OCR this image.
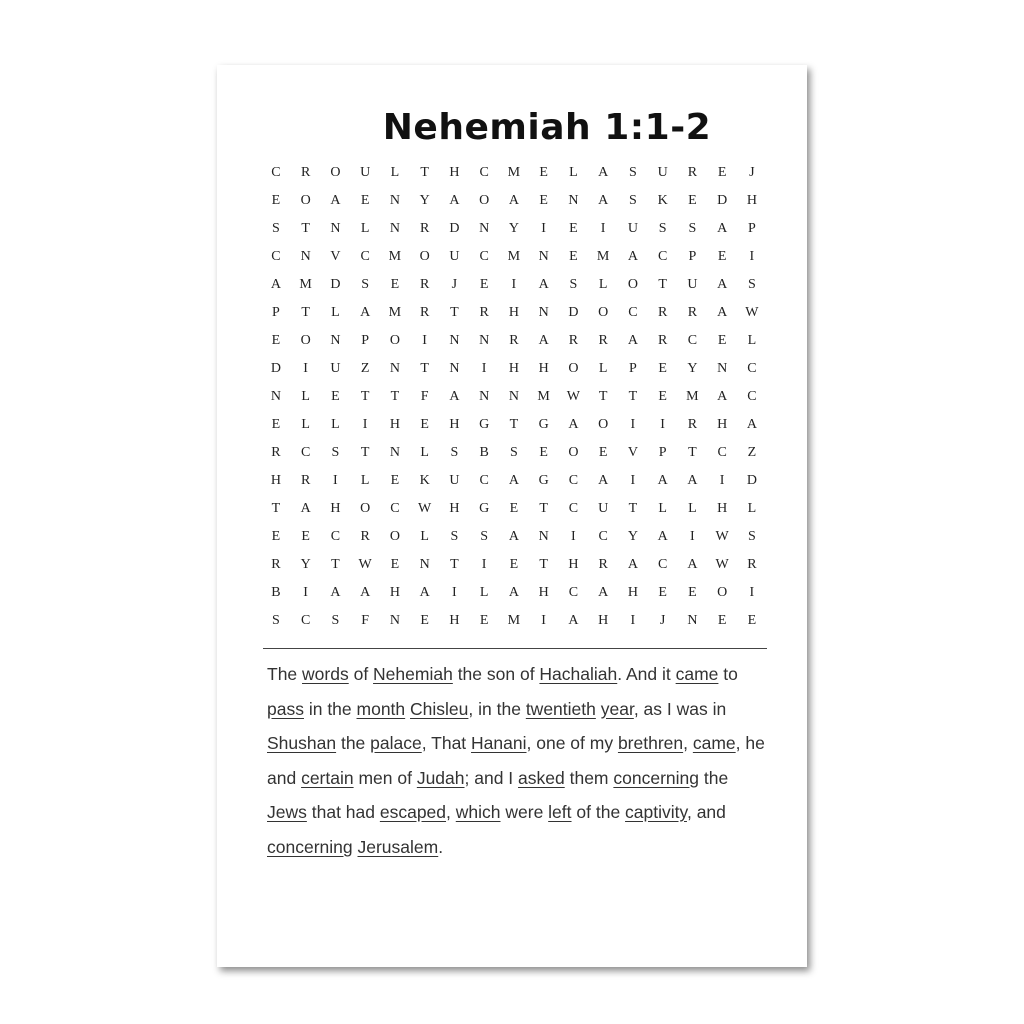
Nehemiah 1:1-2
C	R	O	U	L	T	H	C	M	E	L	A	S	U	R	E	J
E	O	A	E	N	Y	A	O	A	E	N	A	S	K	E	D	H
S	T	N	L	N	R	D	N	Y	I	E	I	U	S	S	A	P
C	N	V	C	M	O	U	C	M	N	E	M	A	C	P	E	I
A	M	D	S	E	R	J	E	I	A	S	L	O	T	U	A	S
P	T	L	A	M	R	T	R	H	N	D	O	C	R	R	A	W
E	O	N	P	O	I	N	N	R	A	R	R	A	R	C	E	L
D	I	U	Z	N	T	N	I	H	H	O	L	P	E	Y	N	C
N	L	E	T	T	F	A	N	N	M	W	T	T	E	M	A	C
E	L	L	I	H	E	H	G	T	G	A	O	I	I	R	H	A
R	C	S	T	N	L	S	B	S	E	O	E	V	P	T	C	Z
H	R	I	L	E	K	U	C	A	G	C	A	I	A	A	I	D
T	A	H	O	C	W	H	G	E	T	C	U	T	L	L	H	L
E	E	C	R	O	L	S	S	A	N	I	C	Y	A	I	W	S
R	Y	T	W	E	N	T	I	E	T	H	R	A	C	A	W	R
B	I	A	A	H	A	I	L	A	H	C	A	H	E	E	O	I
S	C	S	F	N	E	H	E	M	I	A	H	I	J	N	E	E
The words of Nehemiah the son of Hachaliah. And it came to pass in the month Chisleu, in the twentieth year, as I was in Shushan the palace, That Hanani, one of my brethren, came, he and certain men of Judah; and I asked them concerning the Jews that had escaped, which were left of the captivity, and concerning Jerusalem.
